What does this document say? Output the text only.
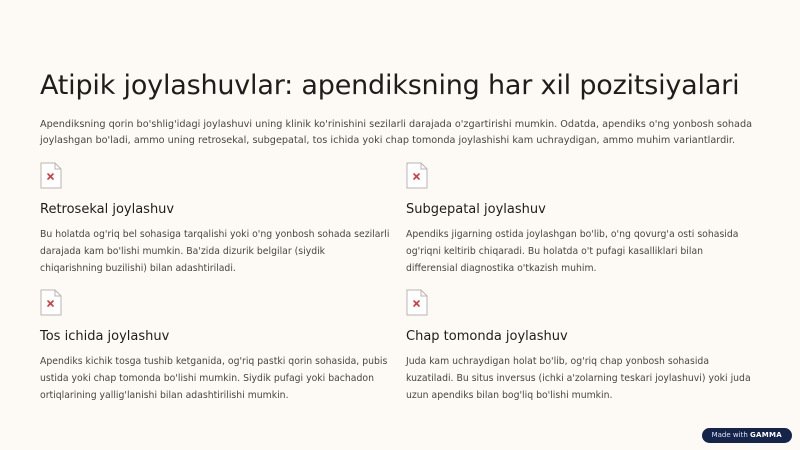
Atipik joylashuvlar: apendiksning har xil pozitsiyalari

Apendiksning qorin bo'shlig'idagi joylashuvi uning klinik ko'rinishini sezilarli darajada o'zgartirishi mumkin. Odatda, apendiks o'ng yonbosh sohada joylashgan bo'ladi, ammo uning retrosekal, subgepatal, tos ichida yoki chap tomonda joylashishi kam uchraydigan, ammo muhim variantlardir.

Retrosekal joylashuv
Bu holatda og'riq bel sohasiga tarqalishi yoki o'ng yonbosh sohada sezilarli darajada kam bo'lishi mumkin. Ba'zida dizurik belgilar (siydik chiqarishning buzilishi) bilan adashtiriladi.
Subgepatal joylashuv
Apendiks jigarning ostida joylashgan bo'lib, o'ng qovurg'a osti sohasida og'riqni keltirib chiqaradi. Bu holatda o't pufagi kasalliklari bilan differensial diagnostika o'tkazish muhim.
Tos ichida joylashuv
Apendiks kichik tosga tushib ketganida, og'riq pastki qorin sohasida, pubis ustida yoki chap tomonda bo'lishi mumkin. Siydik pufagi yoki bachadon ortiqlarining yallig'lanishi bilan adashtirilishi mumkin.
Chap tomonda joylashuv
Juda kam uchraydigan holat bo'lib, og'riq chap yonbosh sohasida kuzatiladi. Bu situs inversus (ichki a'zolarning teskari joylashuvi) yoki juda uzun apendiks bilan bog'liq bo'lishi mumkin.
Made with GAMMA
